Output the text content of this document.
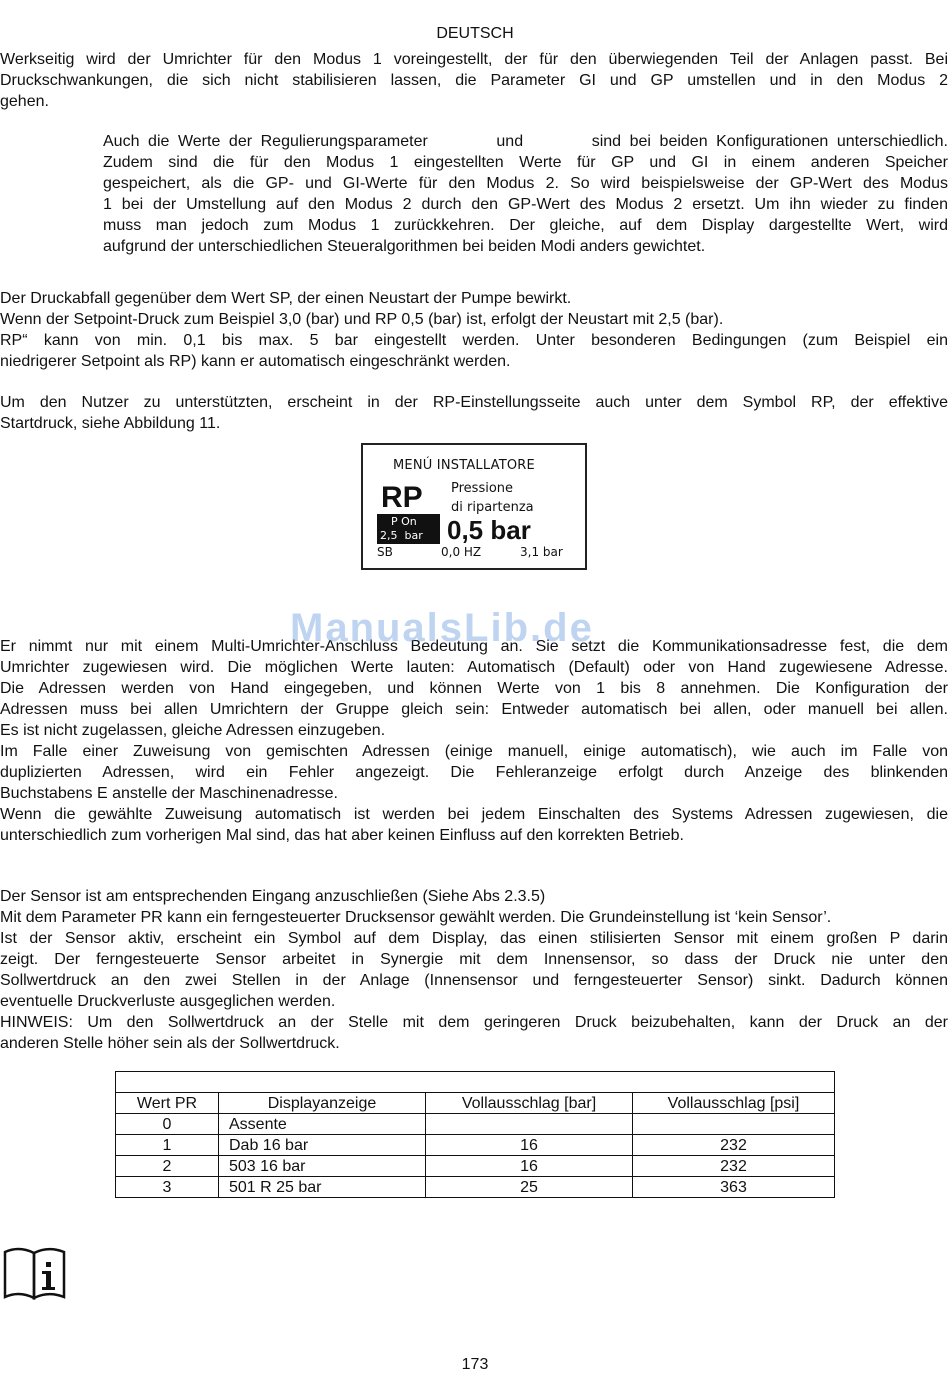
DEUTSCH
Werkseitig wird der Umrichter für den Modus 1 voreingestellt, der für den überwiegenden Teil der Anlagen passt. Bei
Druckschwankungen, die sich nicht stabilisieren lassen, die Parameter GI und GP umstellen und in den Modus 2
gehen.
Auch die Werte der Regulierungsparameter        und        sind bei beiden Konfigurationen unterschiedlich.
Zudem sind die für den Modus 1 eingestellten Werte für GP und GI in einem anderen Speicher
gespeichert, als die GP- und GI-Werte für den Modus 2. So wird beispielsweise der GP-Wert des Modus
1 bei der Umstellung auf den Modus 2 durch den GP-Wert des Modus 2 ersetzt. Um ihn wieder zu finden
muss man jedoch zum Modus 1 zurückkehren. Der gleiche, auf dem Display dargestellte Wert, wird
aufgrund der unterschiedlichen Steueralgorithmen bei beiden Modi anders gewichtet.
Der Druckabfall gegenüber dem Wert SP, der einen Neustart der Pumpe bewirkt.
Wenn der Setpoint-Druck zum Beispiel 3,0 (bar) und RP 0,5 (bar) ist, erfolgt der Neustart mit 2,5 (bar).
RP“ kann von min. 0,1 bis max. 5 bar eingestellt werden. Unter besonderen Bedingungen (zum Beispiel ein
niedrigerer Setpoint als RP) kann er automatisch eingeschränkt werden.
Um den Nutzer zu unterstützten, erscheint in der RP-Einstellungsseite auch unter dem Symbol RP, der effektive
Startdruck, siehe Abbildung 11.
MENÚ INSTALLATORE
RP Pressione
di ripartenza
P On
2,5  bar 0,5 bar
SB	0,0 HZ	3,1 bar
Er nimmt nur mit einem Multi-Umrichter-Anschluss Bedeutung an. Sie setzt die Kommunikationsadresse fest, die dem
Umrichter zugewiesen wird. Die möglichen Werte lauten: Automatisch (Default) oder von Hand zugewiesene Adresse.
Die Adressen werden von Hand eingegeben, und können Werte von 1 bis 8 annehmen. Die Konfiguration der
Adressen muss bei allen Umrichtern der Gruppe gleich sein: Entweder automatisch bei allen, oder manuell bei allen.
Es ist nicht zugelassen, gleiche Adressen einzugeben.
Im Falle einer Zuweisung von gemischten Adressen (einige manuell, einige automatisch), wie auch im Falle von
duplizierten Adressen, wird ein Fehler angezeigt. Die Fehleranzeige erfolgt durch Anzeige des blinkenden
Buchstabens E anstelle der Maschinenadresse.
Wenn die gewählte Zuweisung automatisch ist werden bei jedem Einschalten des Systems Adressen zugewiesen, die
unterschiedlich zum vorherigen Mal sind, das hat aber keinen Einfluss auf den korrekten Betrieb.
ManualsLib.de
Der Sensor ist am entsprechenden Eingang anzuschließen (Siehe Abs 2.3.5)
Mit dem Parameter PR kann ein ferngesteuerter Drucksensor gewählt werden. Die Grundeinstellung ist ‘kein Sensor’.
Ist der Sensor aktiv, erscheint ein Symbol auf dem Display, das einen stilisierten Sensor mit einem großen P darin
zeigt. Der ferngesteuerte Sensor arbeitet in Synergie mit dem Innensensor, so dass der Druck nie unter den
Sollwertdruck an den zwei Stellen in der Anlage (Innensensor und ferngesteuerter Sensor) sinkt. Dadurch können
eventuelle Druckverluste ausgeglichen werden.
HINWEIS: Um den Sollwertdruck an der Stelle mit dem geringeren Druck beizubehalten, kann der Druck an der
anderen Stelle höher sein als der Sollwertdruck.

Wert PR	Displayanzeige	Vollausschlag [bar]	Vollausschlag [psi]
0	Assente		
1	Dab 16 bar	16	232
2	503 16 bar	16	232
3	501 R 25 bar	25	363
173
